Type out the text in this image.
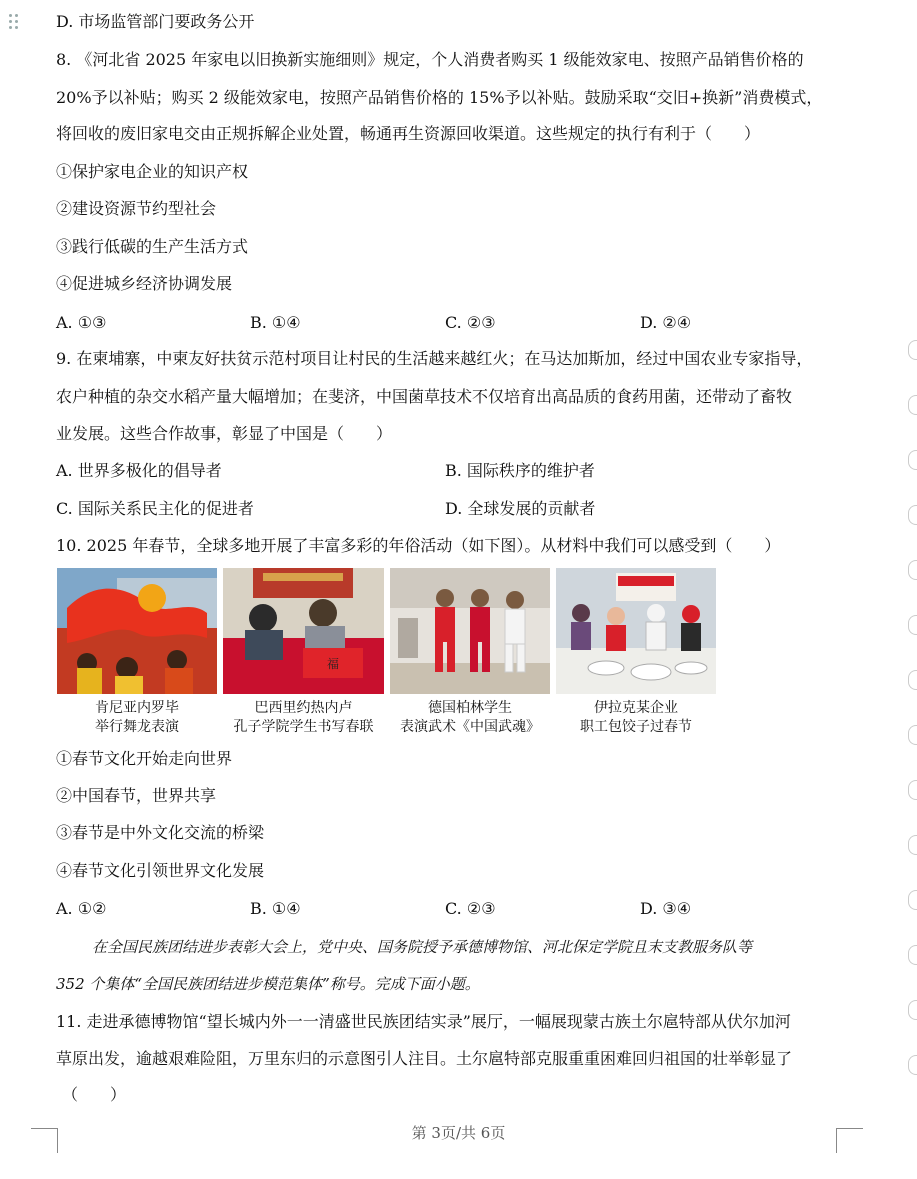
D. 市场监管部门要政务公开
8. 《河北省 2025 年家电以旧换新实施细则》规定，个人消费者购买 1 级能效家电、按照产品销售价格的
20%予以补贴；购买 2 级能效家电，按照产品销售价格的 15%予以补贴。鼓励采取“交旧+换新”消费模式，
将回收的废旧家电交由正规拆解企业处置，畅通再生资源回收渠道。这些规定的执行有利于（　　）
①保护家电企业的知识产权
②建设资源节约型社会
③践行低碳的生产生活方式
④促进城乡经济协调发展
A. ①③	B. ①④	C. ②③	D. ②④
9. 在柬埔寨，中柬友好扶贫示范村项目让村民的生活越来越红火；在马达加斯加，经过中国农业专家指导，
农户种植的杂交水稻产量大幅增加；在斐济，中国菌草技术不仅培育出高品质的食药用菌，还带动了畜牧
业发展。这些合作故事，彰显了中国是（　　）
A. 世界多极化的倡导者	B. 国际秩序的维护者
C. 国际关系民主化的促进者	D. 全球发展的贡献者
10. 2025 年春节，全球多地开展了丰富多彩的年俗活动（如下图）。从材料中我们可以感受到（　　）
福
肯尼亚内罗毕
举行舞龙表演
巴西里约热内卢
孔子学院学生书写春联
德国柏林学生
表演武术《中国武魂》
伊拉克某企业
职工包饺子过春节
①春节文化开始走向世界
②中国春节，世界共享
③春节是中外文化交流的桥梁
④春节文化引领世界文化发展
A. ①②	B. ①④	C. ②③	D. ③④
在全国民族团结进步表彰大会上，党中央、国务院授予承德博物馆、河北保定学院且末支教服务队等
352 个集体“全国民族团结进步模范集体”称号。完成下面小题。
11. 走进承德博物馆“望长城内外一一清盛世民族团结实录”展厅，一幅展现蒙古族土尔扈特部从伏尔加河
草原出发，逾越艰难险阻，万里东归的示意图引人注目。土尔扈特部克服重重困难回归祖国的壮举彰显了
（　　）
第 3页/共 6页
